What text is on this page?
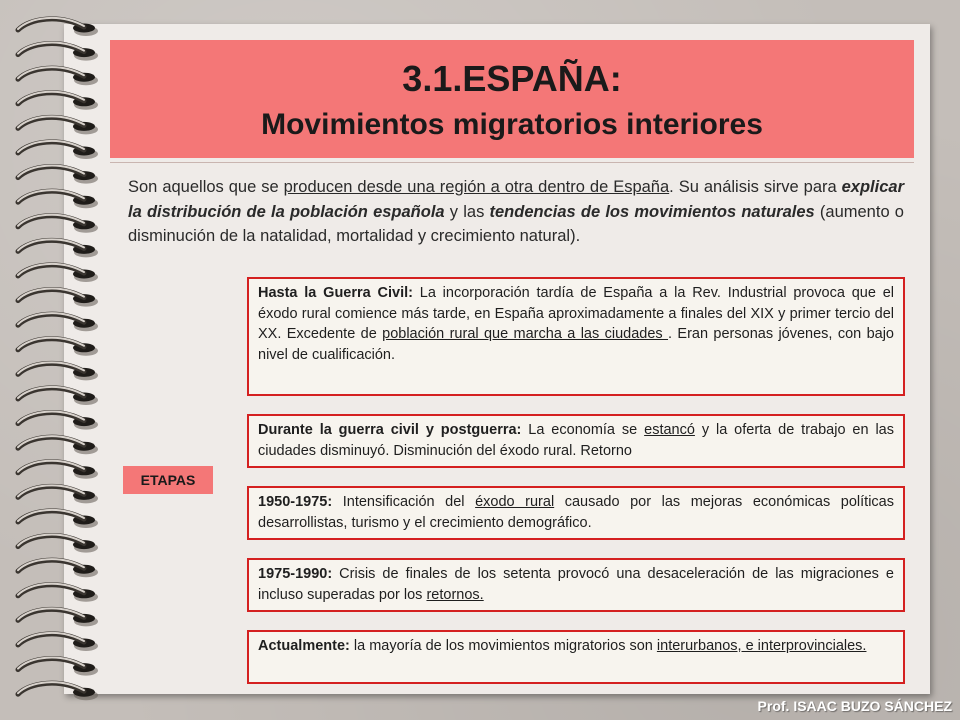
3.1.ESPAÑA:
Movimientos migratorios interiores
Son aquellos que se producen desde una región a otra dentro de España. Su análisis sirve para explicar la distribución de la población española y las tendencias de los movimientos naturales (aumento o disminución de la natalidad, mortalidad y crecimiento natural).
ETAPAS
Hasta la Guerra Civil: La incorporación tardía de España a la Rev. Industrial provoca que el éxodo rural comience más tarde, en España aproximadamente a finales del XIX y primer tercio del XX. Excedente de población rural que marcha a las ciudades . Eran personas jóvenes, con bajo nivel de cualificación.
Durante la guerra civil y postguerra: La economía se estancó y la oferta de trabajo en las ciudades disminuyó. Disminución del éxodo rural. Retorno
1950-1975: Intensificación del éxodo rural causado por las mejoras económicas políticas desarrollistas, turismo y el crecimiento demográfico.
1975-1990: Crisis de finales de los setenta provocó una desaceleración de las migraciones e incluso superadas por los retornos.
Actualmente: la mayoría de los movimientos migratorios son interurbanos, e interprovinciales.
Prof. ISAAC BUZO SÁNCHEZ
